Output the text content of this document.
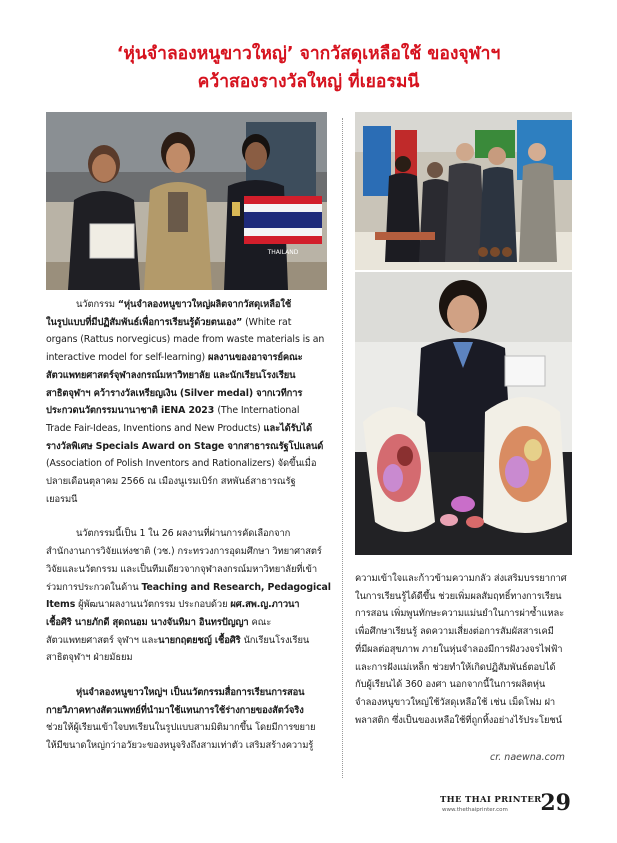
‘หุ่นจำลองหนูขาวใหญ่’ จากวัสดุเหลือใช้ ของจุฬาฯ
คว้าสองรางวัลใหญ่ ที่เยอรมนี
THAILAND

นวัตกรรม “หุ่นจำลองหนูขาวใหญ่ผลิตจากวัสดุเหลือใช้

ในรูปแบบที่มีปฏิสัมพันธ์เพื่อการเรียนรู้ด้วยตนเอง” (White rat

organs (Rattus norvegicus) made from waste materials is an

interactive model for self-learning) ผลงานของอาจารย์คณะ

สัตวแพทยศาสตร์จุฬาลงกรณ์มหาวิทยาลัย และนักเรียนโรงเรียน

สาธิตจุฬาฯ คว้ารางวัลเหรียญเงิน (Silver medal) จากเวทีการ

ประกวดนวัตกรรมนานาชาติ iENA 2023 (The International

Trade Fair-Ideas, Inventions and New Products) และได้รับได้

รางวัลพิเศษ Specials Award on Stage จากสาธารณรัฐโปแลนด์

(Association of Polish Inventors and Rationalizers) จัดขึ้นเมื่อ

ปลายเดือนตุลาคม 2566 ณ เมืองนูเรมเบิร์ก สหพันธ์สาธารณรัฐ

เยอรมนี

นวัตกรรมนี้เป็น 1 ใน 26 ผลงานที่ผ่านการคัดเลือกจาก

สำนักงานการวิจัยแห่งชาติ (วช.) กระทรวงการอุดมศึกษา วิทยาศาสตร์

วิจัยและนวัตกรรม และเป็นทีมเดียวจากจุฬาลงกรณ์มหาวิทยาลัยที่เข้า

ร่วมการประกวดในด้าน Teaching and Research, Pedagogical

Items ผู้พัฒนาผลงานนวัตกรรม ประกอบด้วย ผศ.สพ.ญ.ภาวนา

เชื้อศิริ นายภักดี สุดถนอม นางจันทิมา อินทรปัญญา คณะ

สัตวแพทยศาสตร์ จุฬาฯ และนายกฤตยชญ์ เชื้อศิริ นักเรียนโรงเรียน

สาธิตจุฬาฯ ฝ่ายมัธยม

หุ่นจำลองหนูขาวใหญ่ฯ เป็นนวัตกรรมสื่อการเรียนการสอน

กายวิภาคทางสัตวแพทย์ที่นำมาใช้แทนการใช้ร่างกายของสัตว์จริง

ช่วยให้ผู้เรียนเข้าใจบทเรียนในรูปแบบสามมิติมากขึ้น โดยมีการขยาย

ให้มีขนาดใหญ่กว่าอวัยวะของหนูจริงถึงสามเท่าตัว เสริมสร้างความรู้

ความเข้าใจและก้าวข้ามความกลัว ส่งเสริมบรรยากาศ

ในการเรียนรู้ได้ดีขึ้น ช่วยเพิ่มผลสัมฤทธิ์ทางการเรียน

การสอน เพิ่มพูนทักษะความแม่นยำในการผ่าซ้ำแหละ

เพื่อศึกษาเรียนรู้ ลดความเสี่ยงต่อการสัมผัสสารเคมี

ที่มีผลต่อสุขภาพ ภายในหุ่นจำลองมีการฝังวงจรไฟฟ้า

และการฝังแม่เหล็ก ช่วยทำให้เกิดปฏิสัมพันธ์ตอบได้

กับผู้เรียนได้ 360 องศา นอกจากนี้ในการผลิตหุ่น

จำลองหนูขาวใหญ่ใช้วัสดุเหลือใช้ เช่น เม็ดโฟม ฝา

พลาสติก ซึ่งเป็นของเหลือใช้ที่ถูกทิ้งอย่างไร้ประโยชน์

cr. naewna.com
THE THAI PRINTER
www.thethaiprinter.com 29
